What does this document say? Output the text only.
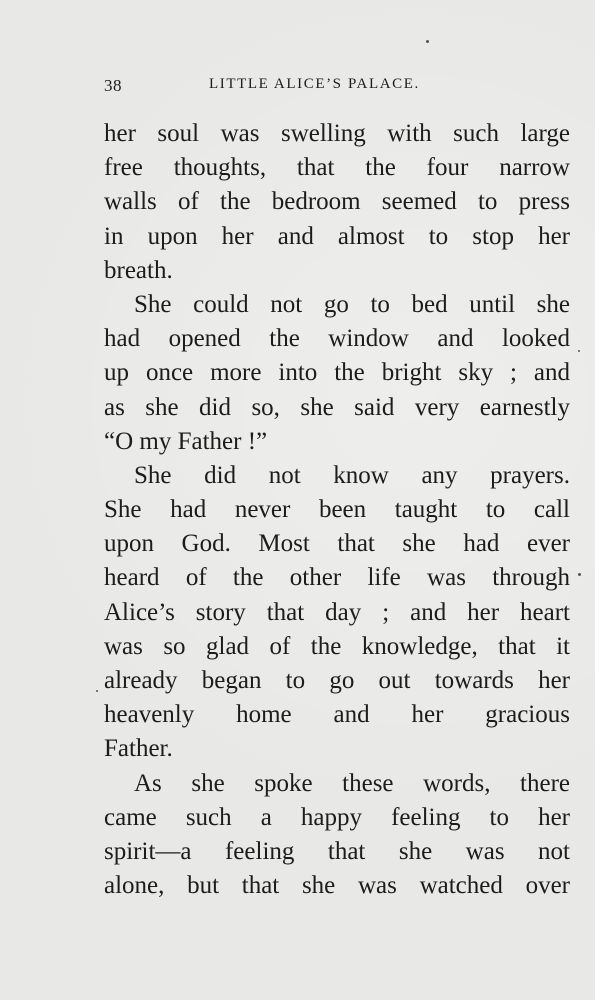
38	LITTLE ALICE’S PALACE.
her soul was swelling with such large
free thoughts, that the four narrow
walls of the bedroom seemed to press
in upon her and almost to stop her
breath.
She could not go to bed until she
had opened the window and looked
up once more into the bright sky ; and
as she did so, she said very earnestly
“O my Father !”
She did not know any prayers.
She had never been taught to call
upon God. Most that she had ever
heard of the other life was through
Alice’s story that day ; and her heart
was so glad of the knowledge, that it
already began to go out towards her
heavenly home and her gracious
Father.
As she spoke these words, there
came such a happy feeling to her
spirit—a feeling that she was not
alone, but that she was watched over
